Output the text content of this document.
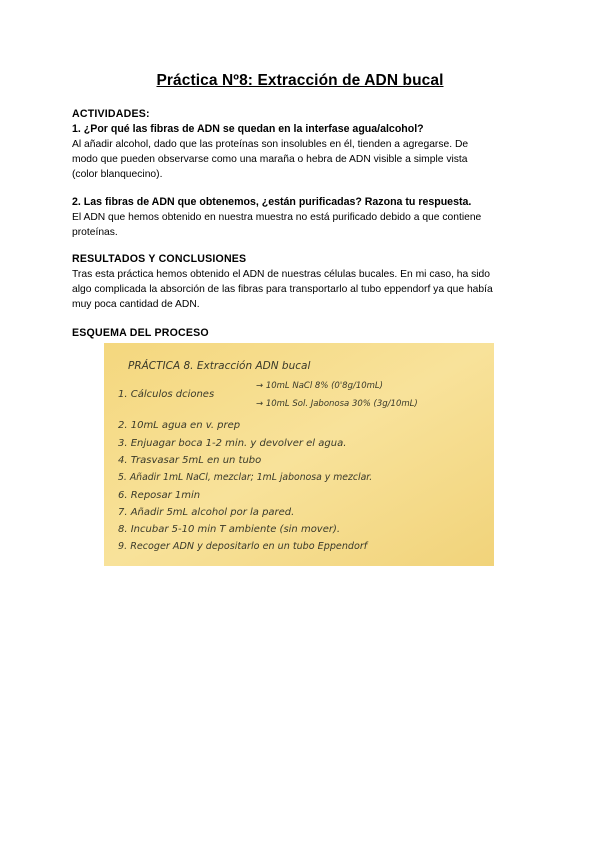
Práctica Nº8: Extracción de ADN bucal
ACTIVIDADES:
1. ¿Por qué las fibras de ADN se quedan en la interfase agua/alcohol?
Al añadir alcohol, dado que las proteínas son insolubles en él, tienden a agregarse. De
modo que pueden observarse como una maraña o hebra de ADN visible a simple vista
(color blanquecino).
2. Las fibras de ADN que obtenemos, ¿están purificadas? Razona tu respuesta.
El ADN que hemos obtenido en nuestra muestra no está purificado debido a que contiene
proteínas.
RESULTADOS Y CONCLUSIONES
Tras esta práctica hemos obtenido el ADN de nuestras células bucales. En mi caso, ha sido
algo complicada la absorción de las fibras para transportarlo al tubo eppendorf ya que había
muy poca cantidad de ADN.
ESQUEMA DEL PROCESO
PRÁCTICA 8. Extracción ADN bucal
1. Cálculos dciones
→ 10mL NaCl 8% (0'8g/10mL)
→ 10mL Sol. Jabonosa 30% (3g/10mL)
2. 10mL agua en v. prep
3. Enjuagar boca 1-2 min. y devolver el agua.
4. Trasvasar 5mL en un tubo
5. Añadir 1mL NaCl, mezclar; 1mL jabonosa y mezclar.
6. Reposar 1min
7. Añadir 5mL alcohol por la pared.
8. Incubar 5-10 min T ambiente (sin mover).
9. Recoger ADN y depositarlo en un tubo Eppendorf
